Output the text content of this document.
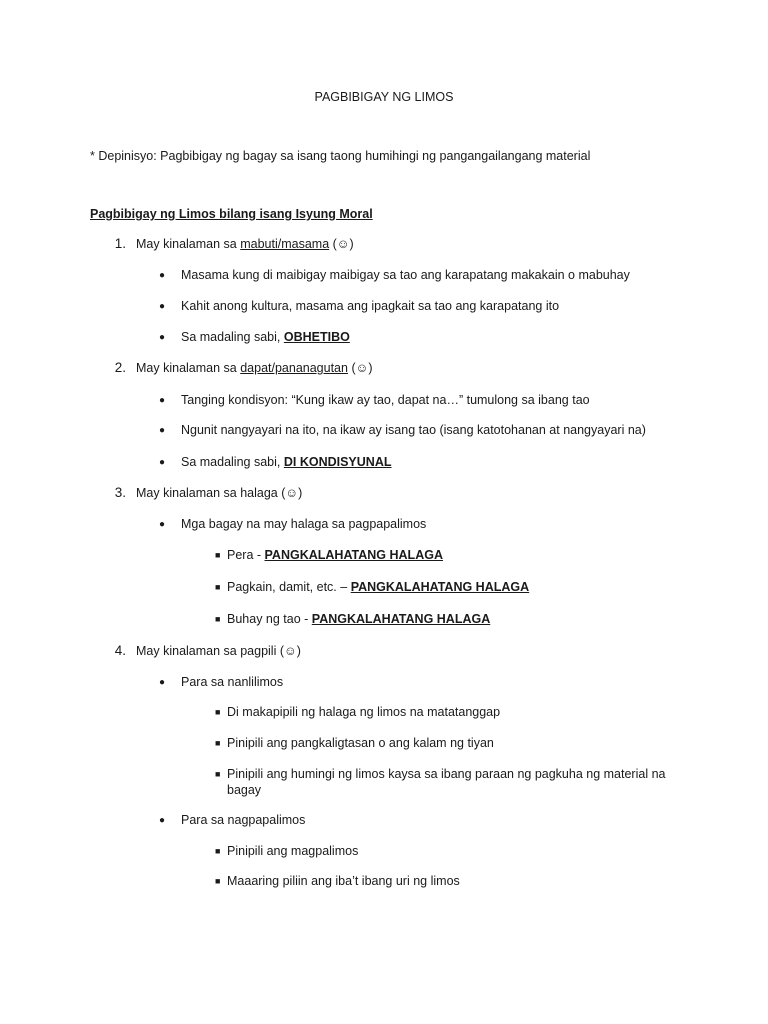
PAGBIBIGAY NG LIMOS
* Depinisyo: Pagbibigay ng bagay sa isang taong humihingi ng pangangailangang material
Pagbibigay ng Limos bilang isang Isyung Moral
1. May kinalaman sa mabuti/masama (☺)
● Masama kung di maibigay maibigay sa tao ang karapatang makakain o mabuhay
● Kahit anong kultura, masama ang ipagkait sa tao ang karapatang ito
● Sa madaling sabi, OBHETIBO
2. May kinalaman sa dapat/pananagutan (☺)
● Tanging kondisyon: “Kung ikaw ay tao, dapat na…” tumulong sa ibang tao
● Ngunit nangyayari na ito, na ikaw ay isang tao (isang katotohanan at nangyayari na)
● Sa madaling sabi, DI KONDISYUNAL
3. May kinalaman sa halaga (☺)
● Mga bagay na may halaga sa pagpapalimos
■ Pera - PANGKALAHATANG HALAGA
■ Pagkain, damit, etc. – PANGKALAHATANG HALAGA
■ Buhay ng tao - PANGKALAHATANG HALAGA
4. May kinalaman sa pagpili (☺)
● Para sa nanlilimos
■ Di makapipili ng halaga ng limos na matatanggap
■ Pinipili ang pangkaligtasan o ang kalam ng tiyan
■ Pinipili ang humingi ng limos kaysa sa ibang paraan ng pagkuha ng material na bagay
● Para sa nagpapalimos
■ Pinipili ang magpalimos
■ Maaaring piliin ang iba’t ibang uri ng limos
